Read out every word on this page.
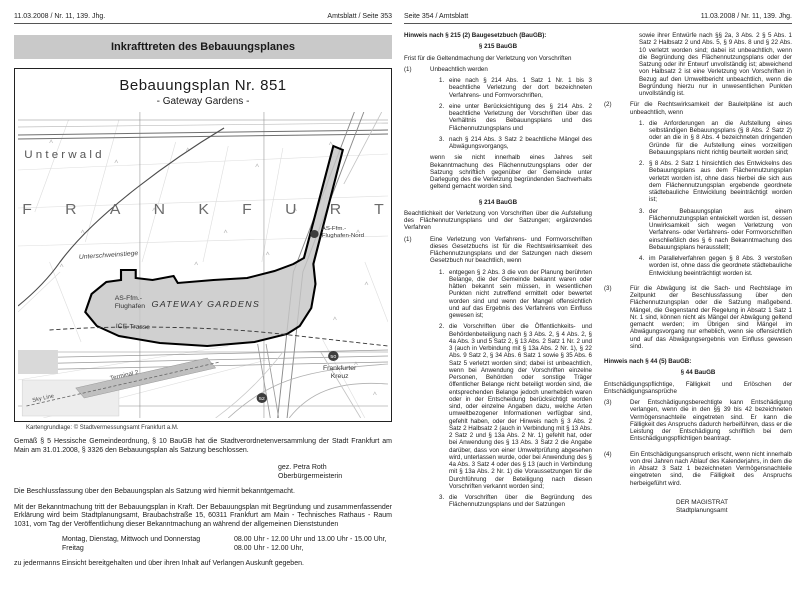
11.03.2008 / Nr. 11, 139. Jhg.	Amtsblatt / Seite 353
Inkrafttreten des Bebauungsplanes
Bebauungsplan Nr. 851
- Gateway Gardens -
50
52
Unterwald
FRANKFURT
Unterschweinstiege
AS-Ffm.-
Flughafen-Nord
AS-Ffm.-
Flughafen GATEWAY GARDENS
ICE-Trasse
Terminal 2
Sky Line
Frankfurter
Kreuz
Kartengrundlage: © Stadtvermessungsamt Frankfurt a.M.

Gemäß § 5 Hessische Gemeindeordnung, § 10 BauGB hat die Stadtverordnetenversammlung der Stadt Frankfurt am Main am 31.01.2008, § 3326 den Bebauungsplan als Satzung beschlossen.

gez. Petra Roth
Oberbürgermeisterin

Die Beschlussfassung über den Bebauungsplan als Satzung wird hiermit bekanntgemacht.

Mit der Bekanntmachung tritt der Bebauungsplan in Kraft. Der Bebauungsplan mit Begründung und zusammenfassender Erklärung wird beim Stadtplanungsamt, Braubachstraße 15, 60311 Frankfurt am Main - Technisches Rathaus - Raum 1031, vom Tag der Veröffentlichung dieser Bekanntmachung an während der allgemeinen Dienststunden

Montag, Dienstag, Mittwoch und Donnerstag	08.00 Uhr - 12.00 Uhr und 13.00 Uhr - 15.00 Uhr,
Freitag	08.00 Uhr - 12.00 Uhr,

zu jedermanns Einsicht bereitgehalten und über ihren Inhalt auf Verlangen Auskunft gegeben.

Seite 354 / Amtsblatt	11.03.2008 / Nr. 11, 139. Jhg.

Hinweis nach § 215 (2) Baugesetzbuch (BauGB):

§ 215 BauGB

Frist für die Geltendmachung der Verletzung von Vorschriften

(1)	Unbeachtlich werden

1. eine nach § 214 Abs. 1 Satz 1 Nr. 1 bis 3 beachtliche Verletzung der dort bezeichneten Verfahrens- und Formvorschriften,
2. eine unter Berücksichtigung des § 214 Abs. 2 beachtliche Verletzung der Vorschriften über das Verhältnis des Bebauungsplans und des Flächennutzungsplans und
3. nach § 214 Abs. 3 Satz 2 beachtliche Mängel des Abwägungsvorgangs,

wenn sie nicht innerhalb eines Jahres seit Bekanntmachung des Flächennutzungsplans oder der Satzung schriftlich gegenüber der Gemeinde unter Darlegung des die Verletzung begründenden Sachverhalts geltend gemacht worden sind.

§ 214 BauGB

Beachtlichkeit der Verletzung von Vorschriften über die Aufstellung des Flächennutzungsplans und der Satzungen; ergänzendes Verfahren

(1)	Eine Verletzung von Verfahrens- und Formvorschriften dieses Gesetzbuchs ist für die Rechtswirksamkeit des Flächennutzungsplans und der Satzungen nach diesem Gesetzbuch nur beachtlich, wenn

1. entgegen § 2 Abs. 3 die von der Planung berührten Belange, die der Gemeinde bekannt waren oder hätten bekannt sein müssen, in wesentlichen Punkten nicht zutreffend ermittelt oder bewertet worden sind und wenn der Mangel offensichtlich und auf das Ergebnis des Verfahrens von Einfluss gewesen ist;
2. die Vorschriften über die Öffentlichkeits- und Behördenbeteiligung nach § 3 Abs. 2, § 4 Abs. 2, § 4a Abs. 3 und 5 Satz 2, § 13 Abs. 2 Satz 1 Nr. 2 und 3 (auch in Verbindung mit § 13a Abs. 2 Nr. 1), § 22 Abs. 9 Satz 2, § 34 Abs. 6 Satz 1 sowie § 35 Abs. 6 Satz 5 verletzt worden sind; dabei ist unbeachtlich, wenn bei Anwendung der Vorschriften einzelne Personen, Behörden oder sonstige Träger öffentlicher Belange nicht beteiligt worden sind, die entsprechenden Belange jedoch unerheblich waren oder in der Entscheidung berücksichtigt worden sind, oder einzelne Angaben dazu, welche Arten umweltbezogener Informationen verfügbar sind, gefehlt haben, oder der Hinweis nach § 3 Abs. 2 Satz 2 Halbsatz 2 (auch in Verbindung mit § 13 Abs. 2 Satz 2 und § 13a Abs. 2 Nr. 1) gefehlt hat, oder bei Anwendung des § 13 Abs. 3 Satz 2 die Angabe darüber, dass von einer Umweltprüfung abgesehen wird, unterlassen wurde, oder bei Anwendung des § 4a Abs. 3 Satz 4 oder des § 13 (auch in Verbindung mit § 13a Abs. 2 Nr. 1) die Voraussetzungen für die Durchführung der Beteiligung nach diesen Vorschriften verkannt worden sind;
3. die Vorschriften über die Begründung des Flächennutzungsplans und der Satzungen

sowie ihrer Entwürfe nach §§ 2a, 3 Abs. 2 § 5 Abs. 1 Satz 2 Halbsatz 2 und Abs. 5, § 9 Abs. 8 und § 22 Abs. 10 verletzt worden sind; dabei ist unbeachtlich, wenn die Begründung des Flächennutzungsplans oder der Satzung oder ihr Entwurf unvollständig ist; abweichend von Halbsatz 2 ist eine Verletzung von Vorschriften in Bezug auf den Umweltbericht unbeachtlich, wenn die Begründung hierzu nur in unwesentlichen Punkten unvollständig ist.

(2)	Für die Rechtswirksamkeit der Bauleitpläne ist auch unbeachtlich, wenn

1. die Anforderungen an die Aufstellung eines selbständigen Bebauungsplans (§ 8 Abs. 2 Satz 2) oder an die in § 8 Abs. 4 bezeichneten dringenden Gründe für die Aufstellung eines vorzeitigen Bebauungsplans nicht richtig beurteilt worden sind;
2. § 8 Abs. 2 Satz 1 hinsichtlich des Entwickelns des Bebauungsplans aus dem Flächennutzungsplan verletzt worden ist, ohne dass hierbei die sich aus dem Flächennutzungsplan ergebende geordnete städtebauliche Entwicklung beeinträchtigt worden ist;
3. der Bebauungsplan aus einem Flächennutzungsplan entwickelt worden ist, dessen Unwirksamkeit sich wegen Verletzung von Verfahrens- oder Verfahrens- oder Formvorschriften einschließlich des § 6 nach Bekanntmachung des Bebauungsplans herausstellt;
4. im Parallelverfahren gegen § 8 Abs. 3 verstoßen worden ist, ohne dass die geordnete städtebauliche Entwicklung beeinträchtigt worden ist.
(3)	Für die Abwägung ist die Sach- und Rechtslage im Zeitpunkt der Beschlussfassung über den Flächennutzungsplan oder die Satzung maßgebend. Mängel, die Gegenstand der Regelung in Absatz 1 Satz 1 Nr. 1 sind, können nicht als Mängel der Abwägung geltend gemacht werden; im Übrigen sind Mängel im Abwägungsvorgang nur erheblich, wenn sie offensichtlich und auf das Abwägungsergebnis von Einfluss gewesen sind.

Hinweis nach § 44 (5) BauGB:

§ 44 BauGB

Entschädigungspflichtige, Fälligkeit und Erlöschen der Entschädigungsansprüche

(3)	Der Entschädigungsberechtigte kann Entschädigung verlangen, wenn die in den §§ 39 bis 42 bezeichneten Vermögensnachteile eingetreten sind. Er kann die Fälligkeit des Anspruchs dadurch herbeiführen, dass er die Leistung der Entschädigung schriftlich bei dem Entschädigungspflichtigen beantragt.

(4)	Ein Entschädigungsanspruch erlischt, wenn nicht innerhalb von drei Jahren nach Ablauf des Kalenderjahrs, in dem die in Absatz 3 Satz 1 bezeichneten Vermögensnachteile eingetreten sind, die Fälligkeit des Anspruchs herbeigeführt wird.

DER MAGISTRAT
Stadtplanungsamt
